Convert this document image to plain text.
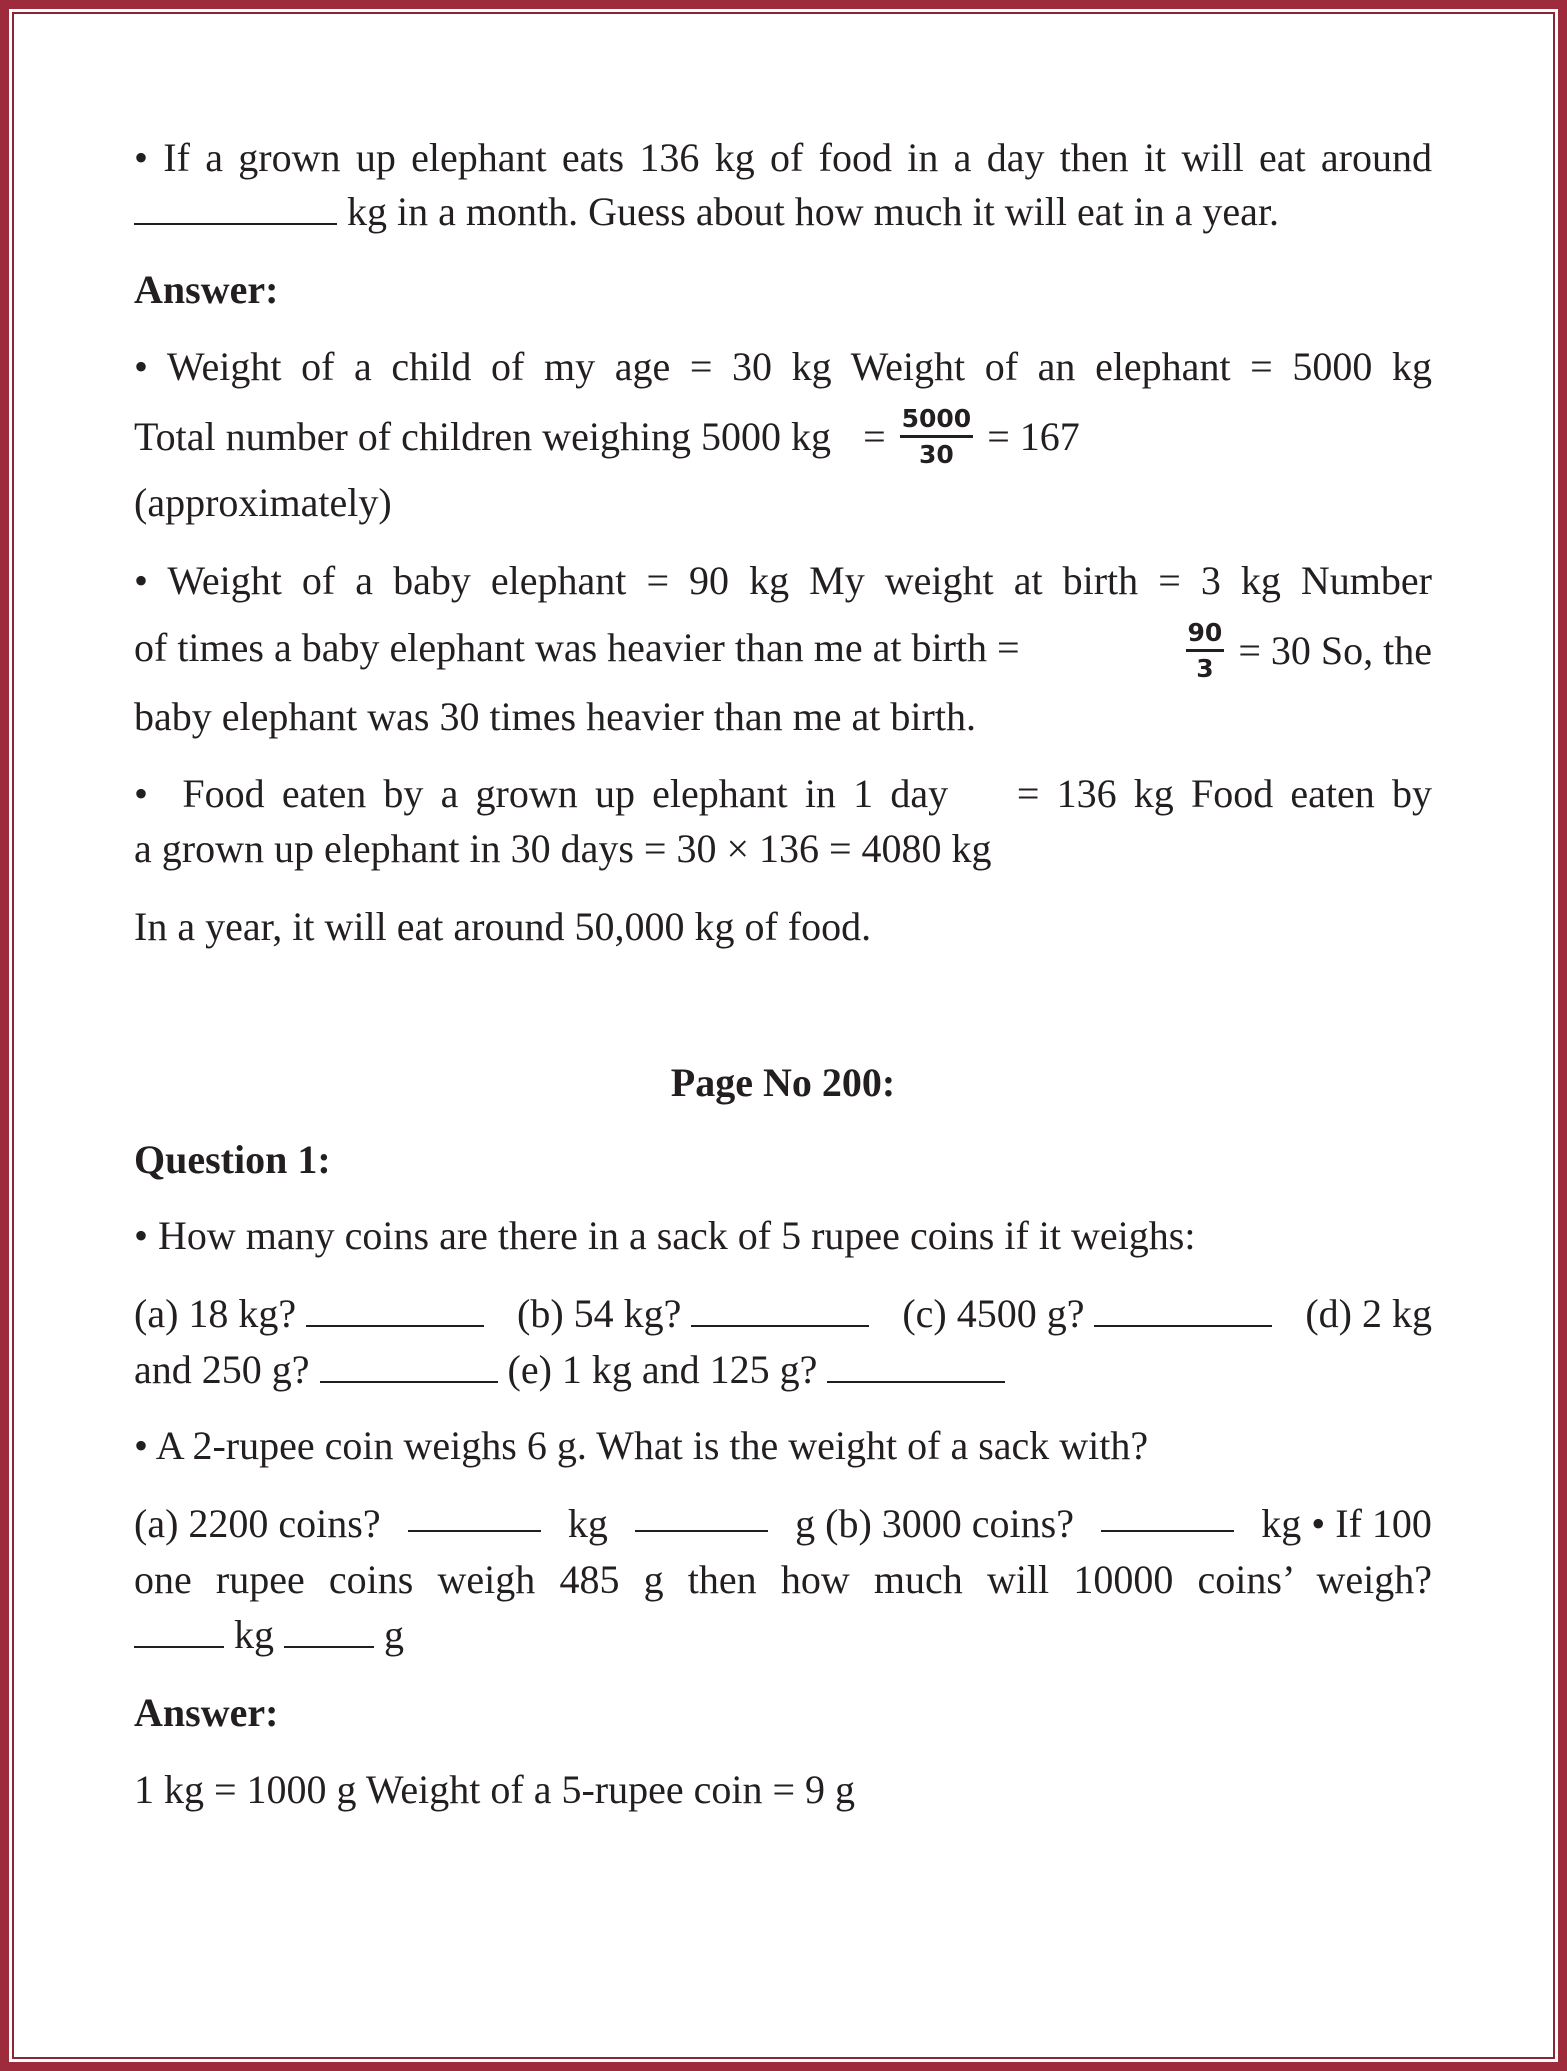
• If a grown up elephant eats 136 kg of food in a day then it will eat around
kg in a month. Guess about how much it will eat in a year.
Answer:
• Weight of a child of my age = 30 kg Weight of an elephant = 5000 kg
Total number of children weighing 5000 kg = $\frac{5000}{30} = 167$
(approximately)
• Weight of a baby elephant = 90 kg My weight at birth = 3 kg Number
of times a baby elephant was heavier than me at birth =	$\frac{90}{3} = 30$ So, the
baby elephant was 30 times heavier than me at birth.
•  Food eaten by a grown up elephant in 1 day    = 136 kg Food eaten by
a grown up elephant in 30 days = 30 × 136 = 4080 kg
In a year, it will eat around 50,000 kg of food.
Page No 200:
Question 1:
• How many coins are there in a sack of 5 rupee coins if it weighs:
(a) 18 kg?	(b) 54 kg?	(c) 4500 g?	(d) 2 kg
and 250 g?	(e) 1 kg and 125 g?
• A 2-rupee coin weighs 6 g. What is the weight of a sack with?
(a) 2200 coins?	kg	g (b) 3000 coins?	kg • If 100
one rupee coins weigh 485 g then how much will 10000 coins’ weigh?
kg  g
Answer:
1 kg = 1000 g Weight of a 5-rupee coin = 9 g
